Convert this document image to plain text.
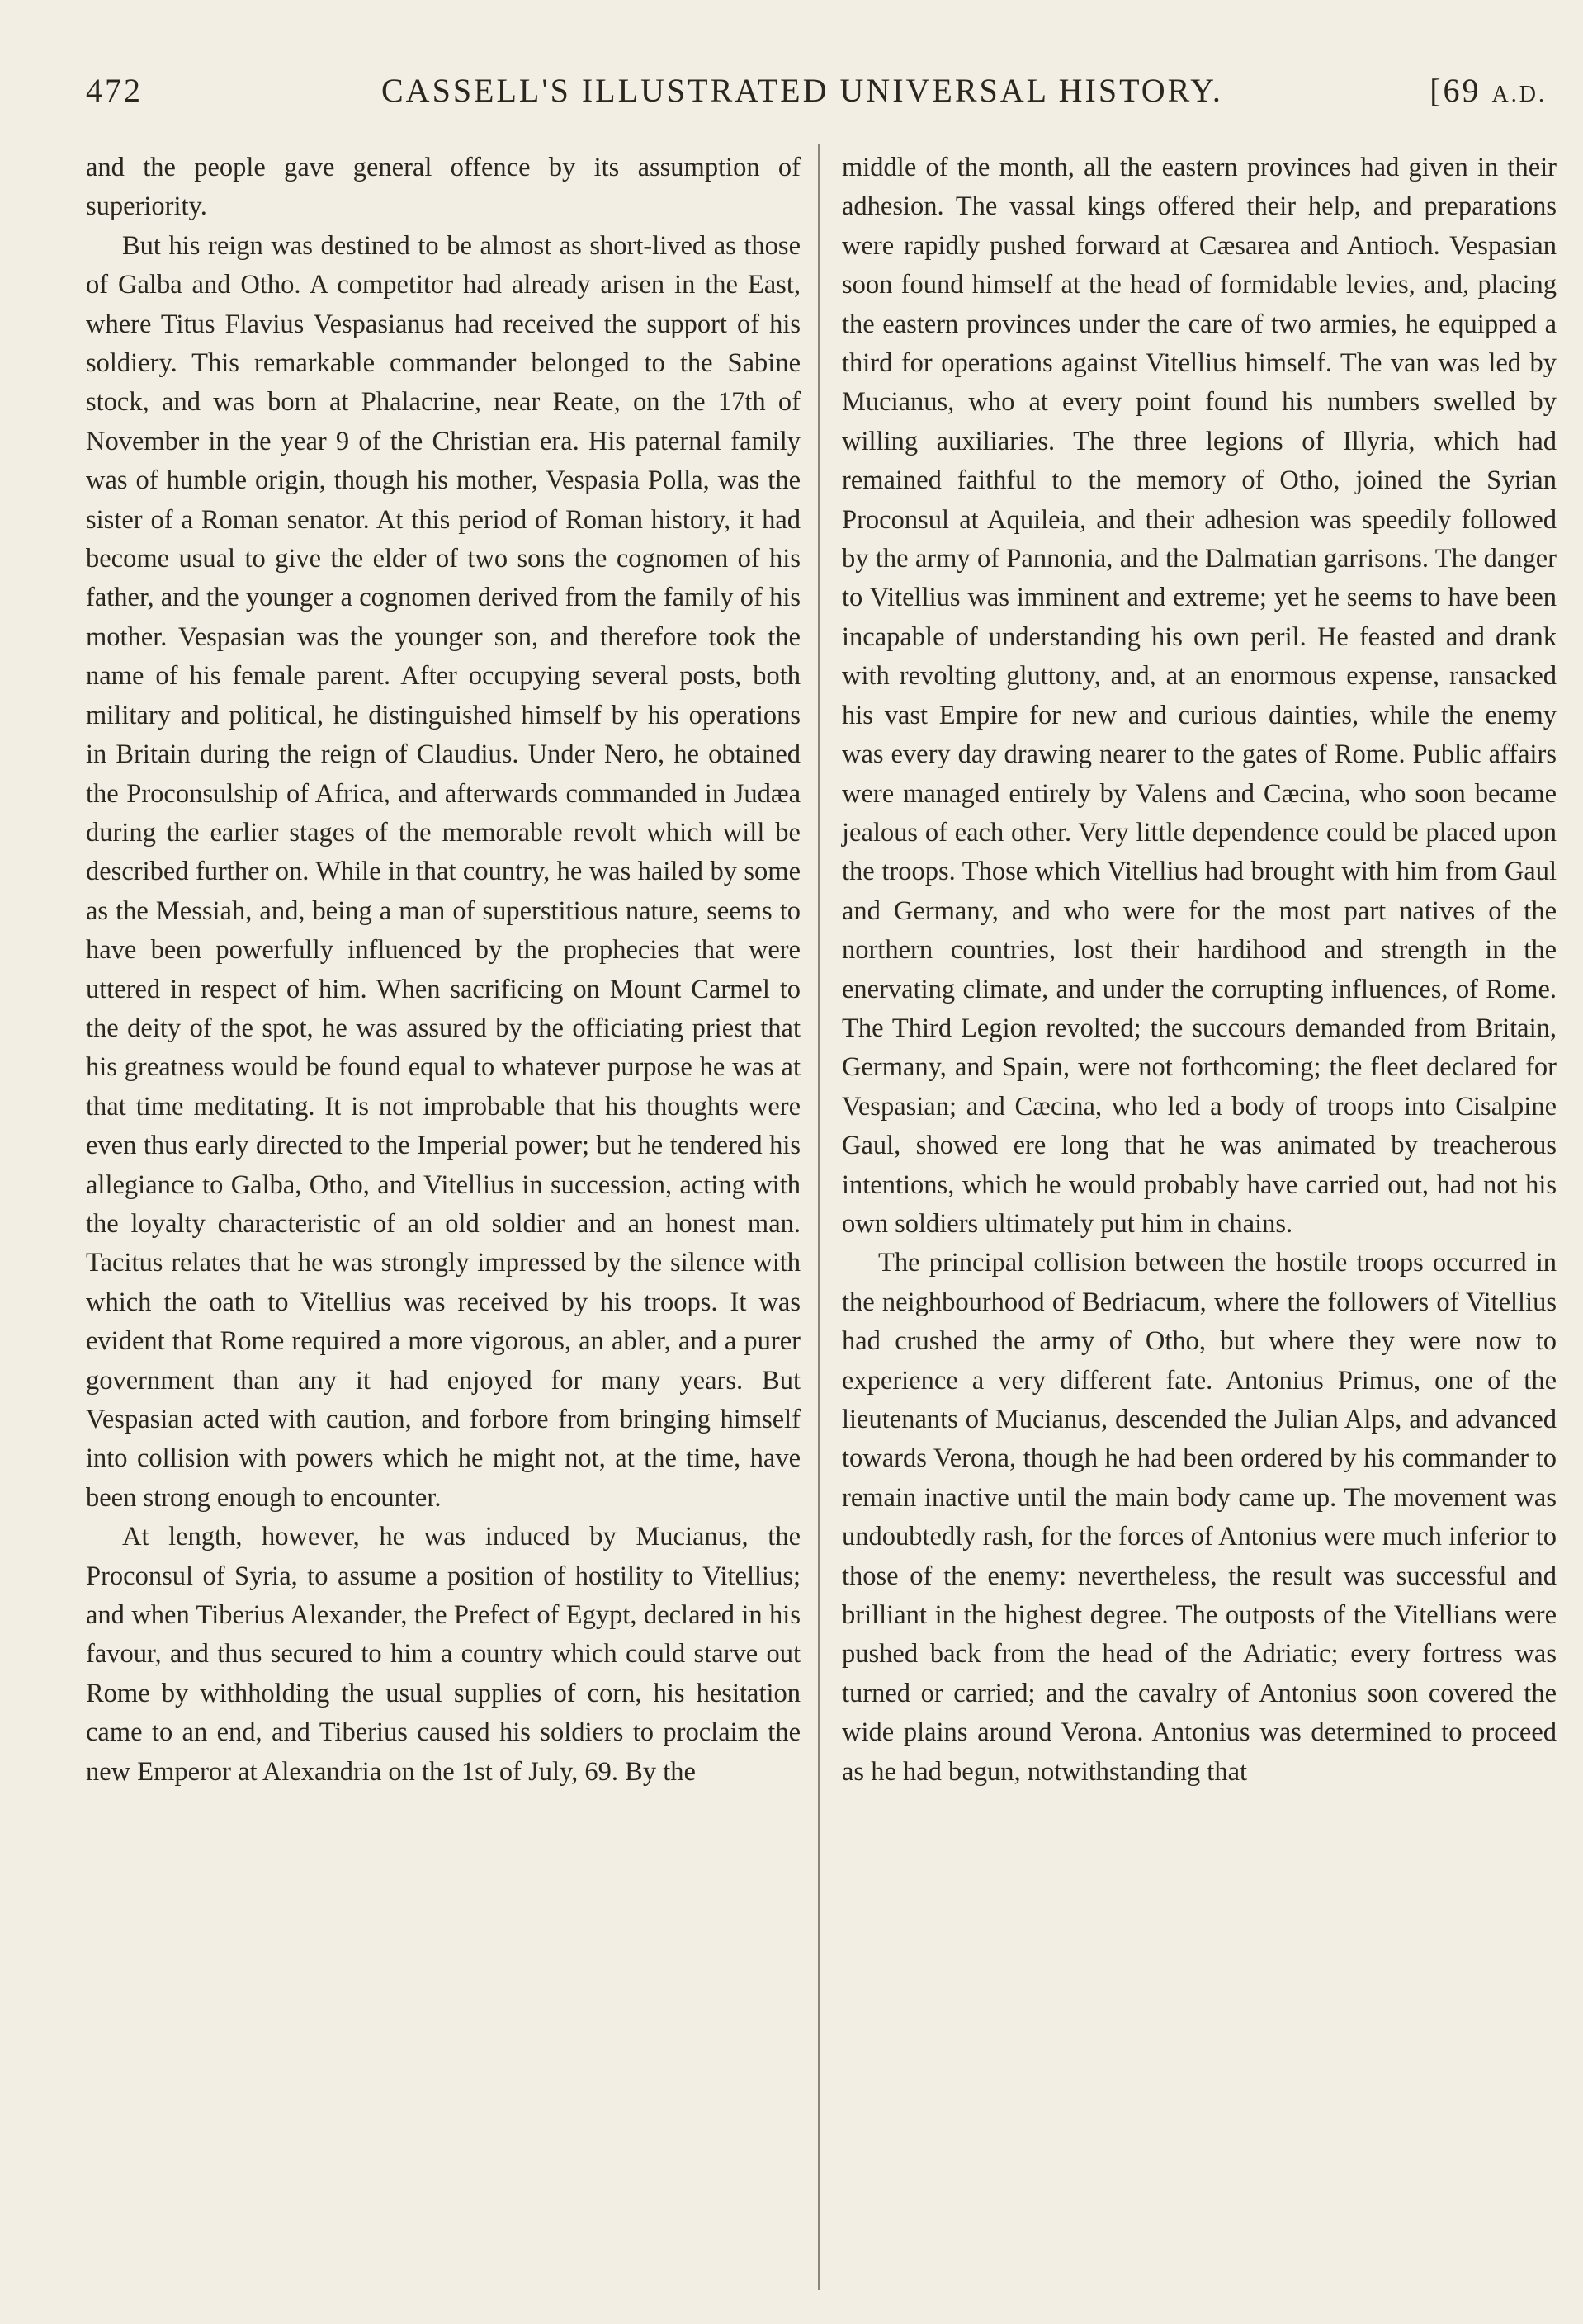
472	CASSELL'S ILLUSTRATED UNIVERSAL HISTORY.	[69 A.D.

and the people gave general offence by its assumption of superiority.

But his reign was destined to be almost as short-lived as those of Galba and Otho. A competitor had already arisen in the East, where Titus Flavius Vespasianus had received the support of his soldiery. This remarkable commander belonged to the Sabine stock, and was born at Phalacrine, near Reate, on the 17th of November in the year 9 of the Christian era. His paternal family was of humble origin, though his mother, Vespasia Polla, was the sister of a Roman senator. At this period of Roman history, it had become usual to give the elder of two sons the cognomen of his father, and the younger a cognomen derived from the family of his mother. Vespasian was the younger son, and therefore took the name of his female parent. After occupying several posts, both military and political, he distinguished himself by his operations in Britain during the reign of Claudius. Under Nero, he obtained the Proconsulship of Africa, and afterwards commanded in Judæa during the earlier stages of the memorable revolt which will be described further on. While in that country, he was hailed by some as the Messiah, and, being a man of superstitious nature, seems to have been powerfully influenced by the prophecies that were uttered in respect of him. When sacrificing on Mount Carmel to the deity of the spot, he was assured by the officiating priest that his greatness would be found equal to whatever purpose he was at that time meditating. It is not improbable that his thoughts were even thus early directed to the Imperial power; but he tendered his allegiance to Galba, Otho, and Vitellius in succession, acting with the loyalty characteristic of an old soldier and an honest man. Tacitus relates that he was strongly impressed by the silence with which the oath to Vitellius was received by his troops. It was evident that Rome required a more vigorous, an abler, and a purer government than any it had enjoyed for many years. But Vespasian acted with caution, and forbore from bringing himself into collision with powers which he might not, at the time, have been strong enough to encounter.

At length, however, he was induced by Mucianus, the Proconsul of Syria, to assume a position of hostility to Vitellius; and when Tiberius Alexander, the Prefect of Egypt, declared in his favour, and thus secured to him a country which could starve out Rome by withholding the usual supplies of corn, his hesitation came to an end, and Tiberius caused his soldiers to proclaim the new Emperor at Alexandria on the 1st of July, 69. By the

middle of the month, all the eastern provinces had given in their adhesion. The vassal kings offered their help, and preparations were rapidly pushed forward at Cæsarea and Antioch. Vespasian soon found himself at the head of formidable levies, and, placing the eastern provinces under the care of two armies, he equipped a third for operations against Vitellius himself. The van was led by Mucianus, who at every point found his numbers swelled by willing auxiliaries. The three legions of Illyria, which had remained faithful to the memory of Otho, joined the Syrian Proconsul at Aquileia, and their adhesion was speedily followed by the army of Pannonia, and the Dalmatian garrisons. The danger to Vitellius was imminent and extreme; yet he seems to have been incapable of understanding his own peril. He feasted and drank with revolting gluttony, and, at an enormous expense, ransacked his vast Empire for new and curious dainties, while the enemy was every day drawing nearer to the gates of Rome. Public affairs were managed entirely by Valens and Cæcina, who soon became jealous of each other. Very little dependence could be placed upon the troops. Those which Vitellius had brought with him from Gaul and Germany, and who were for the most part natives of the northern countries, lost their hardihood and strength in the enervating climate, and under the corrupting influences, of Rome. The Third Legion revolted; the succours demanded from Britain, Germany, and Spain, were not forthcoming; the fleet declared for Vespasian; and Cæcina, who led a body of troops into Cisalpine Gaul, showed ere long that he was animated by treacherous intentions, which he would probably have carried out, had not his own soldiers ultimately put him in chains.

The principal collision between the hostile troops occurred in the neighbourhood of Bedriacum, where the followers of Vitellius had crushed the army of Otho, but where they were now to experience a very different fate. Antonius Primus, one of the lieutenants of Mucianus, descended the Julian Alps, and advanced towards Verona, though he had been ordered by his commander to remain inactive until the main body came up. The movement was undoubtedly rash, for the forces of Antonius were much inferior to those of the enemy: nevertheless, the result was successful and brilliant in the highest degree. The outposts of the Vitellians were pushed back from the head of the Adriatic; every fortress was turned or carried; and the cavalry of Antonius soon covered the wide plains around Verona. Antonius was determined to proceed as he had begun, notwithstanding that
